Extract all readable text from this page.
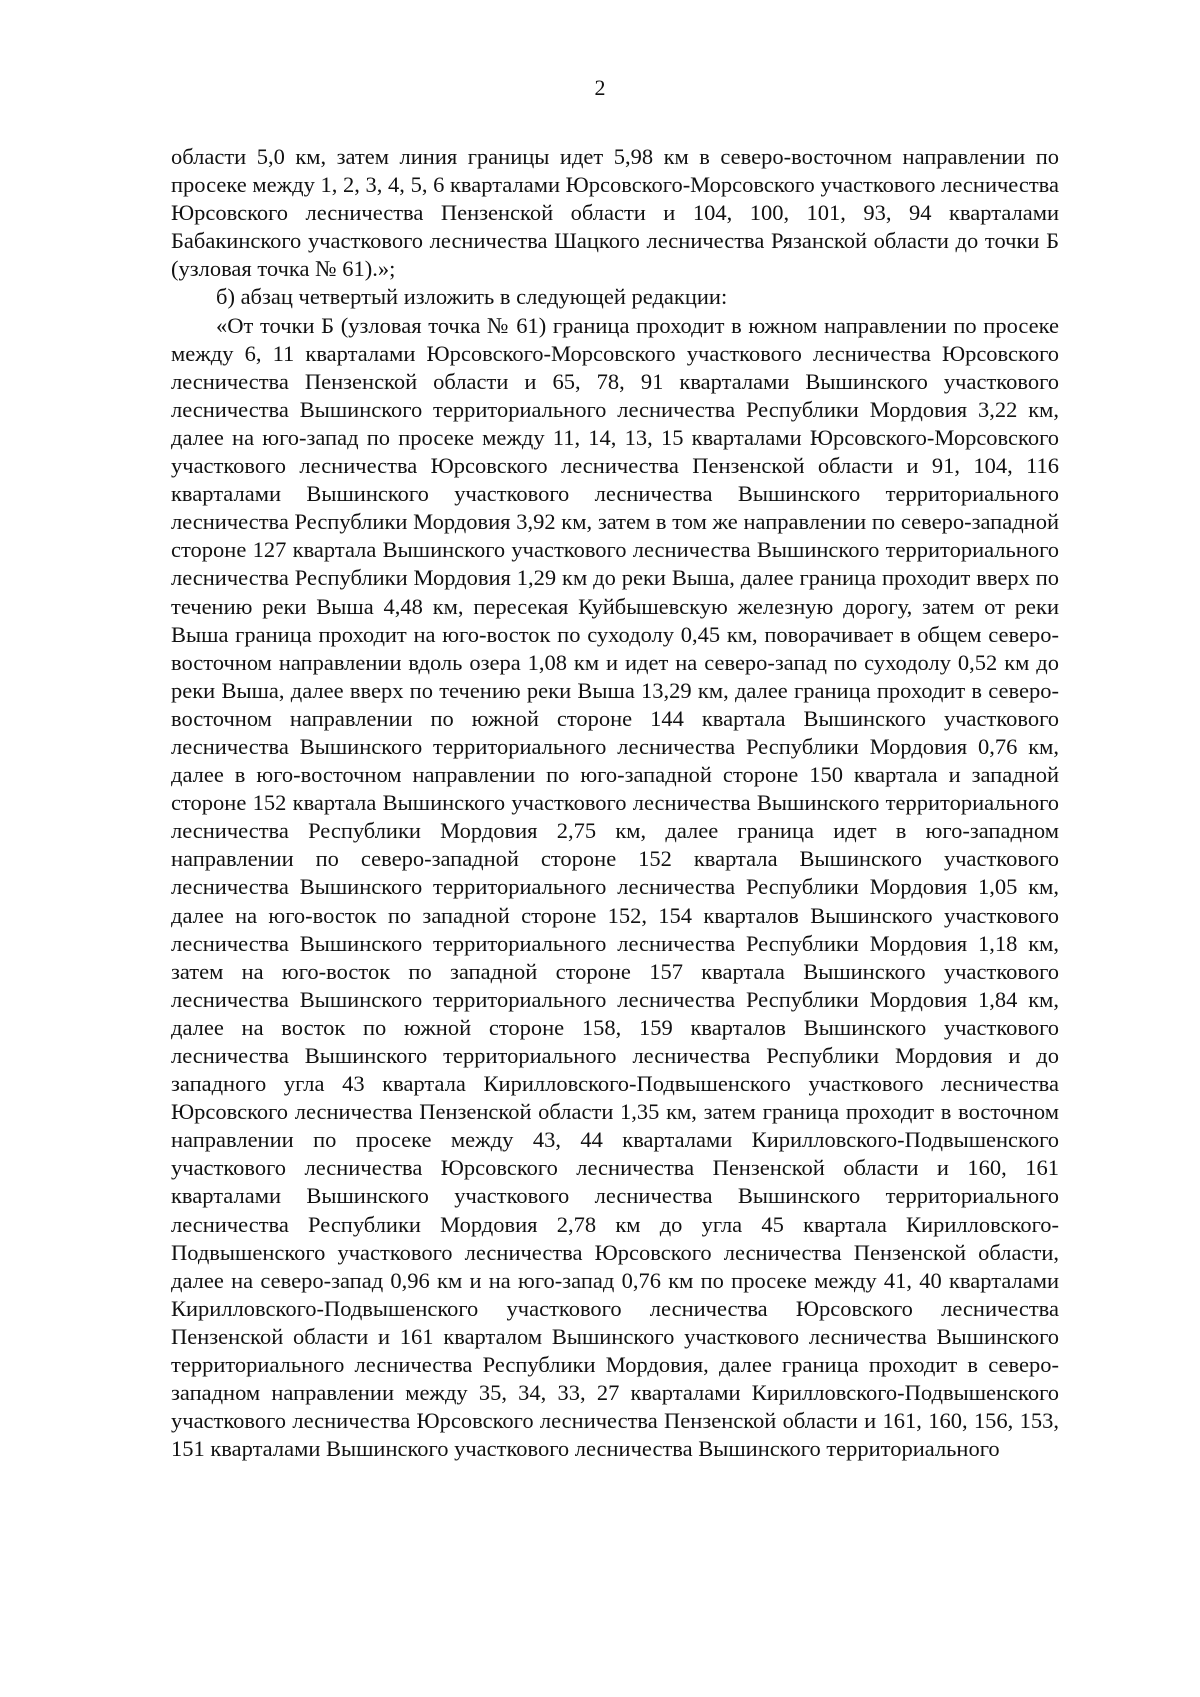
2

области 5,0 км, затем линия границы идет 5,98 км в северо-восточном направлении по просеке между 1, 2, 3, 4, 5, 6 кварталами Юрсовского-Морсовского участкового лесничества Юрсовского лесничества Пензенской области и 104, 100, 101, 93, 94 кварталами Бабакинского участкового лесничества Шацкого лесничества Рязанской области до точки Б (узловая точка № 61).»;

б) абзац четвертый изложить в следующей редакции:

«От точки Б (узловая точка № 61) граница проходит в южном направлении по просеке между 6, 11 кварталами Юрсовского-Морсовского участкового лесничества Юрсовского лесничества Пензенской области и 65, 78, 91 кварталами Вышинского участкового лесничества Вышинского территориального лесничества Республики Мордовия 3,22 км, далее на юго-запад по просеке между 11, 14, 13, 15 кварталами Юрсовского-Морсовского участкового лесничества Юрсовского лесничества Пензенской области и 91, 104, 116 кварталами Вышинского участкового лесничества Вышинского территориального лесничества Республики Мордовия 3,92 км, затем в том же направлении по северо-западной стороне 127 квартала Вышинского участкового лесничества Вышинского территориального лесничества Республики Мордовия 1,29 км до реки Выша, далее граница проходит вверх по течению реки Выша 4,48 км, пересекая Куйбышевскую железную дорогу, затем от реки Выша граница проходит на юго-восток по суходолу 0,45 км, поворачивает в общем северо-восточном направлении вдоль озера 1,08 км и идет на северо-запад по суходолу 0,52 км до реки Выша, далее вверх по течению реки Выша 13,29 км, далее граница проходит в северо-восточном направлении по южной стороне 144 квартала Вышинского участкового лесничества Вышинского территориального лесничества Республики Мордовия 0,76 км, далее в юго-восточном направлении по юго-западной стороне 150 квартала и западной стороне 152 квартала Вышинского участкового лесничества Вышинского территориального лесничества Республики Мордовия 2,75 км, далее граница идет в юго-западном направлении по северо-западной стороне 152 квартала Вышинского участкового лесничества Вышинского территориального лесничества Республики Мордовия 1,05 км, далее на юго-восток по западной стороне 152, 154 кварталов Вышинского участкового лесничества Вышинского территориального лесничества Республики Мордовия 1,18 км, затем на юго-восток по западной стороне 157 квартала Вышинского участкового лесничества Вышинского территориального лесничества Республики Мордовия 1,84 км, далее на восток по южной стороне 158, 159 кварталов Вышинского участкового лесничества Вышинского территориального лесничества Республики Мордовия и до западного угла 43 квартала Кирилловского-Подвышенского участкового лесничества Юрсовского лесничества Пензенской области 1,35 км, затем граница проходит в восточном направлении по просеке между 43, 44 кварталами Кирилловского-Подвышенского участкового лесничества Юрсовского лесничества Пензенской области и 160, 161 кварталами Вышинского участкового лесничества Вышинского территориального лесничества Республики Мордовия 2,78 км до угла 45 квартала Кирилловского-Подвышенского участкового лесничества Юрсовского лесничества Пензенской области, далее на северо-запад 0,96 км и на юго-запад 0,76 км по просеке между 41, 40 кварталами Кирилловского-Подвышенского участкового лесничества Юрсовского лесничества Пензенской области и 161 кварталом Вышинского участкового лесничества Вышинского территориального лесничества Республики Мордовия, далее граница проходит в северо-западном направлении между 35, 34, 33, 27 кварталами Кирилловского-Подвышенского участкового лесничества Юрсовского лесничества Пензенской области и 161, 160, 156, 153, 151 кварталами Вышинского участкового лесничества Вышинского территориального
